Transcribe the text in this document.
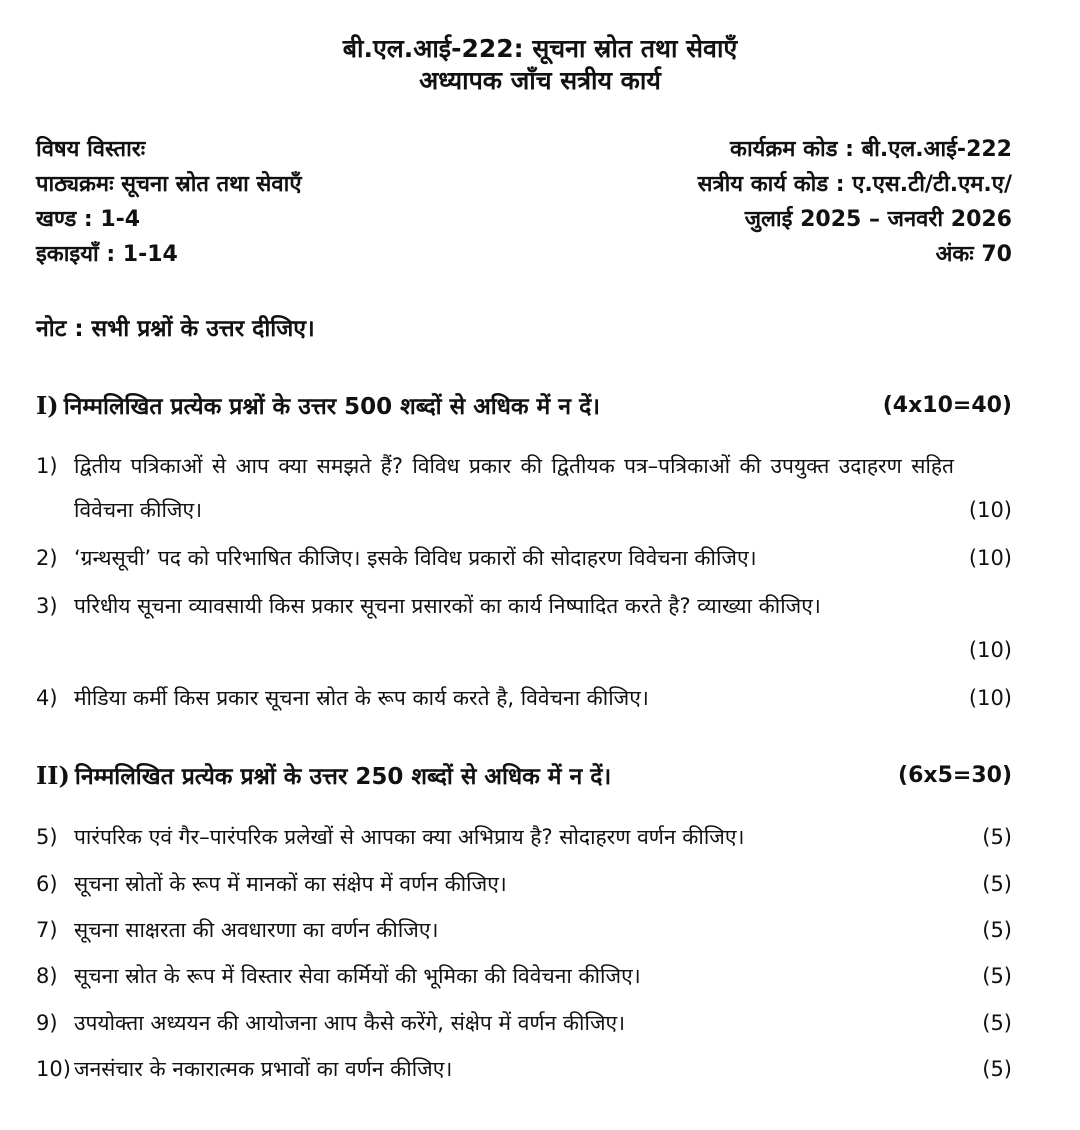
बी.एल.आई-222: सूचना स्रोत तथा सेवाएँ
अध्यापक जाँच सत्रीय कार्य
विषय विस्तारः	कार्यक्रम कोड : बी.एल.आई-222
पाठ्यक्रमः सूचना स्रोत तथा सेवाएँ	सत्रीय कार्य कोड : ए.एस.टी/टी.एम.ए/
खण्ड : 1-4	जुलाई 2025 – जनवरी 2026
इकाइयाँ : 1-14	अंकः 70
नोट : सभी प्रश्नों के उत्तर दीजिए।
I) निम्मलिखित प्रत्येक प्रश्नों के उत्तर 500 शब्दों से अधिक में न दें।	(4x10=40)
1) द्वितीय पत्रिकाओं से आप क्या समझते हैं? विविध प्रकार की द्वितीयक पत्र–पत्रिकाओं की उपयुक्त उदाहरण सहित विवेचना कीजिए।	(10)
2) ‘ग्रन्थसूची’ पद को परिभाषित कीजिए। इसके विविध प्रकारों की सोदाहरण विवेचना कीजिए।	(10)
3) परिधीय सूचना व्यावसायी किस प्रकार सूचना प्रसारकों का कार्य निष्पादित करते है? व्याख्या कीजिए।
(10)
4) मीडिया कर्मी किस प्रकार सूचना स्रोत के रूप कार्य करते है, विवेचना कीजिए।	(10)
II) निम्मलिखित प्रत्येक प्रश्नों के उत्तर 250 शब्दों से अधिक में न दें।	(6x5=30)
5) पारंपरिक एवं गैर–पारंपरिक प्रलेखों से आपका क्या अभिप्राय है? सोदाहरण वर्णन कीजिए।	(5)
6) सूचना स्रोतों के रूप में मानकों का संक्षेप में वर्णन कीजिए।	(5)
7) सूचना साक्षरता की अवधारणा का वर्णन कीजिए।	(5)
8) सूचना स्रोत के रूप में विस्तार सेवा कर्मियों की भूमिका की विवेचना कीजिए।	(5)
9) उपयोक्ता अध्ययन की आयोजना आप कैसे करेंगे, संक्षेप में वर्णन कीजिए।	(5)
10) जनसंचार के नकारात्मक प्रभावों का वर्णन कीजिए।	(5)
